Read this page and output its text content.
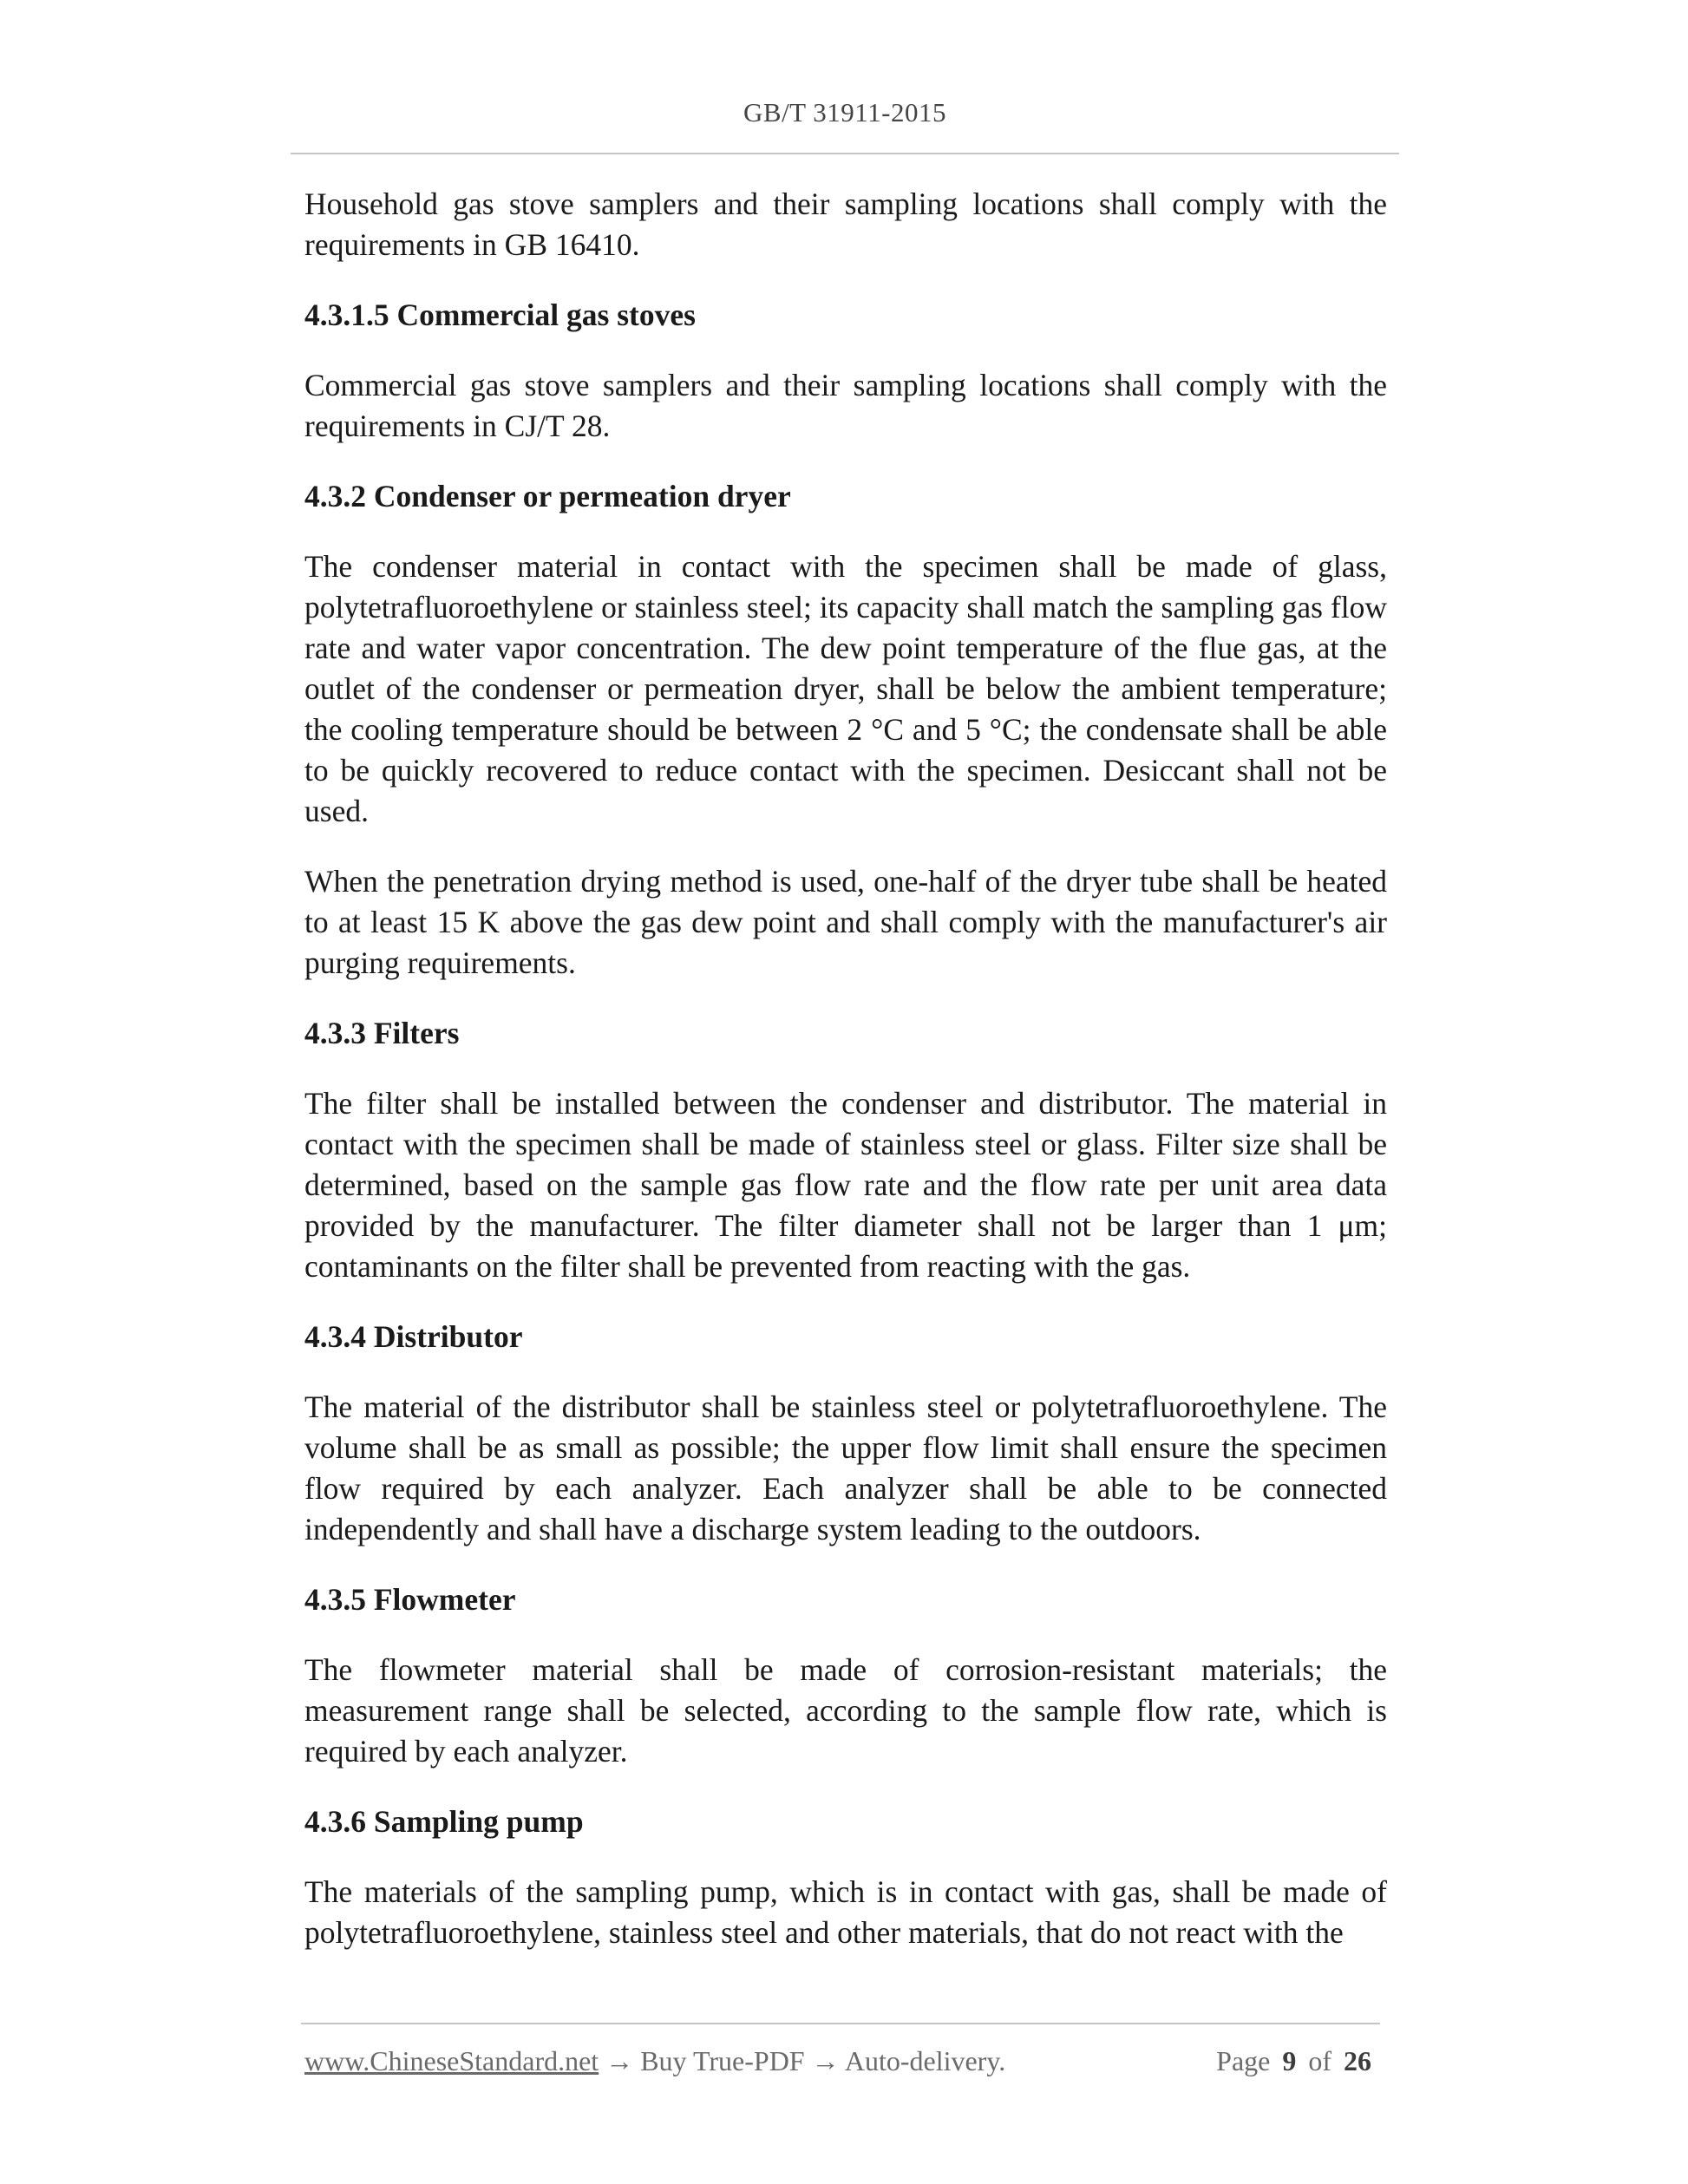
GB/T 31911-2015

Household gas stove samplers and their sampling locations shall comply with the requirements in GB 16410.

4.3.1.5 Commercial gas stoves

Commercial gas stove samplers and their sampling locations shall comply with the requirements in CJ/T 28.

4.3.2 Condenser or permeation dryer

The condenser material in contact with the specimen shall be made of glass, polytetrafluoroethylene or stainless steel; its capacity shall match the sampling gas flow rate and water vapor concentration. The dew point temperature of the flue gas, at the outlet of the condenser or permeation dryer, shall be below the ambient temperature; the cooling temperature should be between 2 °C and 5 °C; the condensate shall be able to be quickly recovered to reduce contact with the specimen. Desiccant shall not be used.

When the penetration drying method is used, one-half of the dryer tube shall be heated to at least 15 K above the gas dew point and shall comply with the manufacturer's air purging requirements.

4.3.3 Filters

The filter shall be installed between the condenser and distributor. The material in contact with the specimen shall be made of stainless steel or glass. Filter size shall be determined, based on the sample gas flow rate and the flow rate per unit area data provided by the manufacturer. The filter diameter shall not be larger than 1 μm; contaminants on the filter shall be prevented from reacting with the gas.

4.3.4 Distributor

The material of the distributor shall be stainless steel or polytetrafluoroethylene. The volume shall be as small as possible; the upper flow limit shall ensure the specimen flow required by each analyzer. Each analyzer shall be able to be connected independently and shall have a discharge system leading to the outdoors.

4.3.5 Flowmeter

The flowmeter material shall be made of corrosion-resistant materials; the measurement range shall be selected, according to the sample flow rate, which is required by each analyzer.

4.3.6 Sampling pump

The materials of the sampling pump, which is in contact with gas, shall be made of polytetrafluoroethylene, stainless steel and other materials, that do not react with the

www.ChineseStandard.net → Buy True-PDF → Auto-delivery.	Page 9 of 26
